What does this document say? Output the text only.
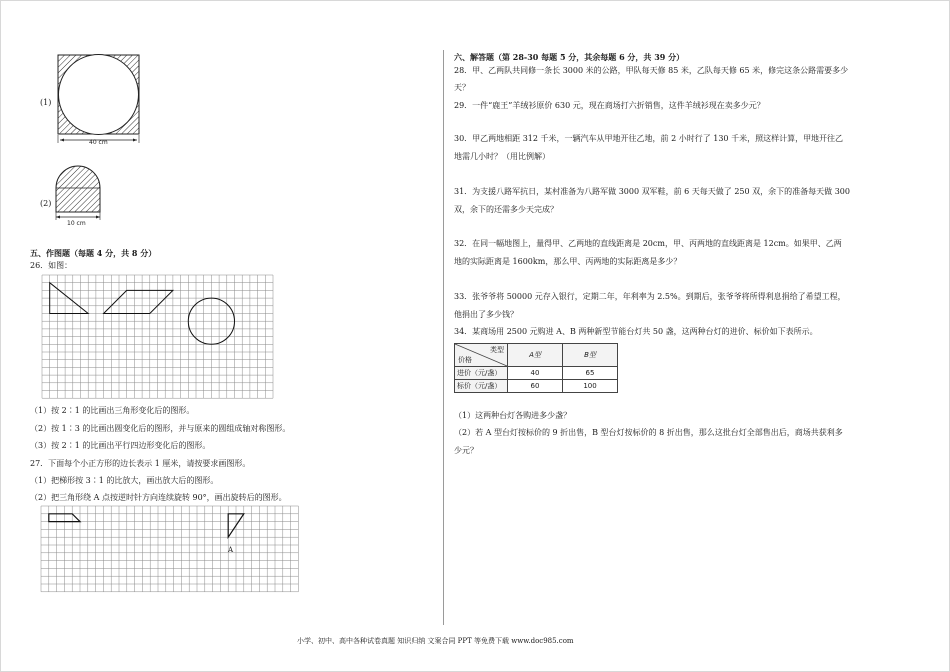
(1)
40 cm
(2)
10 cm
五、作图题（每题 4 分，共 8 分）
26．如图：
（1）按 2∶1 的比画出三角形变化后的图形。
（2）按 1∶3 的比画出圆变化后的图形，并与原来的圆组成轴对称图形。
（3）按 2∶1 的比画出平行四边形变化后的图形。
27．下面每个小正方形的边长表示 1 厘米，请按要求画图形。
（1）把梯形按 3∶1 的比放大，画出放大后的图形。
（2）把三角形绕 A 点按逆时针方向连续旋转 90°，画出旋转后的图形。
A
六、解答题（第 28-30 每题 5 分，其余每题 6 分，共 39 分）
28．甲、乙两队共同修一条长 3000 米的公路，甲队每天修 85 米，乙队每天修 65 米，修完这条公路需要多少
天？
29．一件“鹿王”羊绒衫原价 630 元，现在商场打六折销售，这件羊绒衫现在卖多少元？
30．甲乙两地相距 312 千米，一辆汽车从甲地开往乙地，前 2 小时行了 130 千米，照这样计算，甲地开往乙
地需几小时？（用比例解）
31．为支援八路军抗日，某村准备为八路军做 3000 双军鞋，前 6 天每天做了 250 双，余下的准备每天做 300
双，余下的还需多少天完成？
32．在同一幅地图上，量得甲、乙两地的直线距离是 20cm，甲、丙两地的直线距离是 12cm。如果甲、乙两
地的实际距离是 1600km，那么甲、丙两地的实际距离是多少？
33．张爷爷将 50000 元存入银行，定期二年，年利率为 2.5%。到期后，张爷爷将所得利息捐给了希望工程，
他捐出了多少钱？
34．某商场用 2500 元购进 A、B 两种新型节能台灯共 50 盏，这两种台灯的进价、标价如下表所示。
类型
价格	A型	B型
进价（元/盏）	40	65
标价（元/盏）	60	100
（1）这两种台灯各购进多少盏？
（2）若 A 型台灯按标价的 9 折出售，B 型台灯按标价的 8 折出售，那么这批台灯全部售出后，商场共获利多
少元？
小学、初中、高中各种试卷真题 知识归纳 文案合同 PPT 等免费下载 www.doc985.com
